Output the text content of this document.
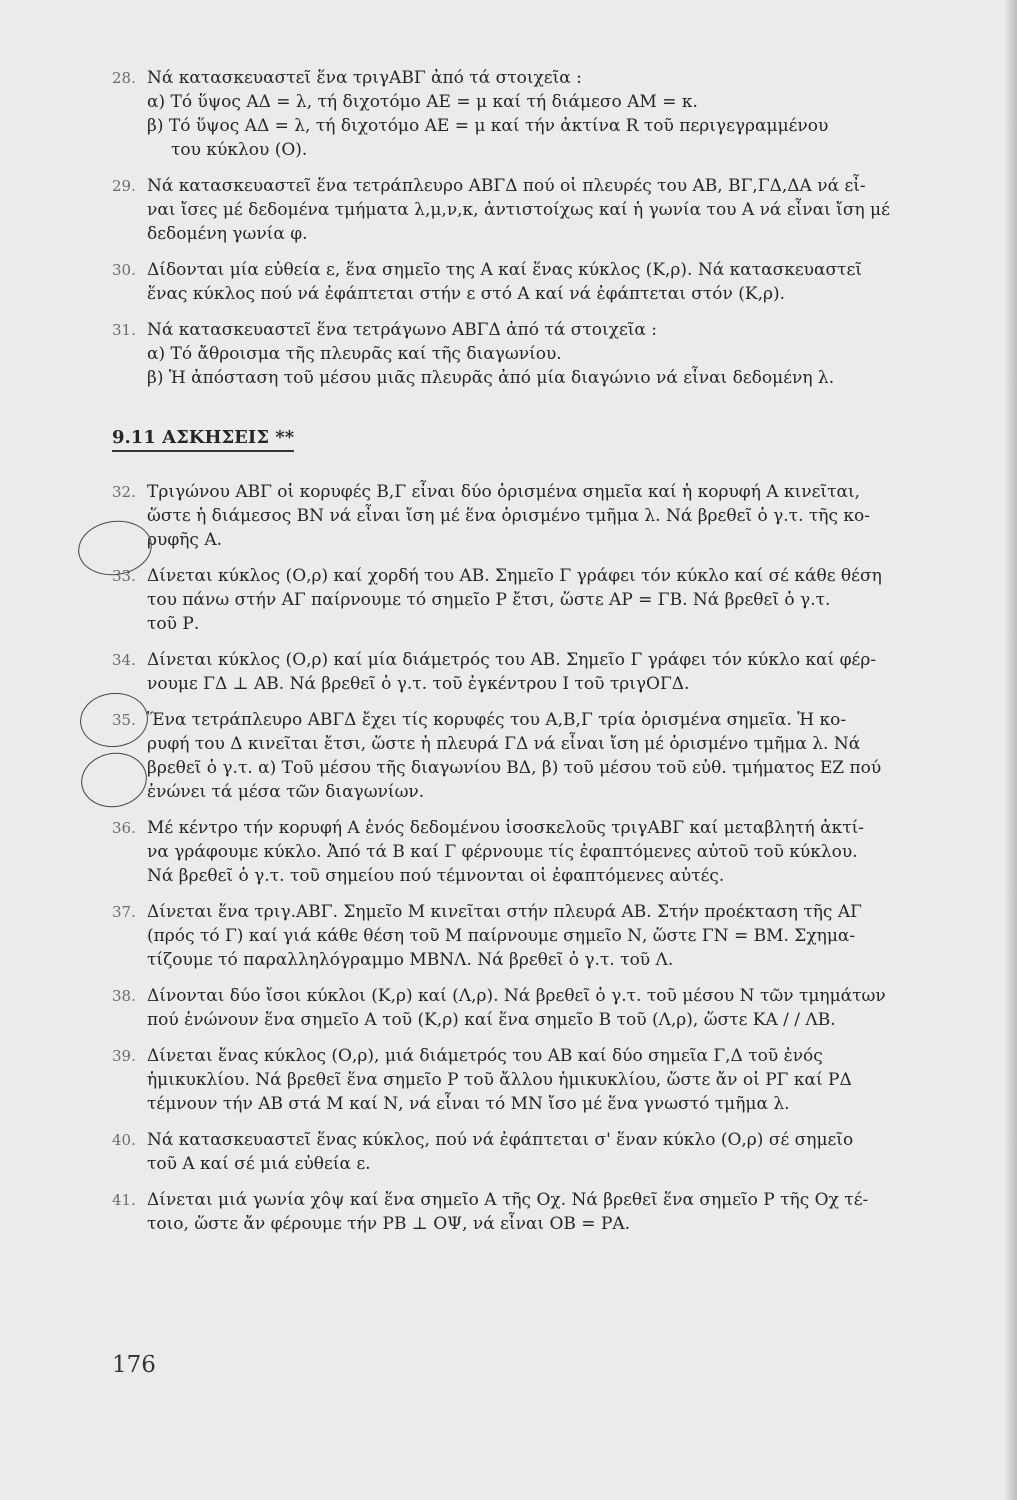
28. Νά κατασκευαστεῖ ἕνα τριγΑΒΓ ἀπό τά στοιχεῖα :
α) Τό ὕψος ΑΔ = λ, τή διχοτόμο ΑΕ = μ καί τή διάμεσο ΑΜ = κ.
β) Τό ὕψος ΑΔ = λ, τή διχοτόμο ΑΕ = μ καί τήν ἀκτίνα R τοῦ περιγεγραμμένου
του κύκλου (Ο).
29. Νά κατασκευαστεῖ ἕνα τετράπλευρο ΑΒΓΔ πού οἱ πλευρές του ΑΒ, ΒΓ,ΓΔ,ΔΑ νά εἶ-
ναι ἴσες μέ δεδομένα τμήματα λ,μ,ν,κ, ἀντιστοίχως καί ἡ γωνία του Α νά εἶναι ἴση μέ
δεδομένη γωνία φ.
30. Δίδονται μία εὐθεία ε, ἕνα σημεῖο της Α καί ἕνας κύκλος (Κ,ρ). Νά κατασκευαστεῖ
ἕνας κύκλος πού νά ἐφάπτεται στήν ε στό Α καί νά ἐφάπτεται στόν (Κ,ρ).
31. Νά κατασκευαστεῖ ἕνα τετράγωνο ΑΒΓΔ ἀπό τά στοιχεῖα :
α) Τό ἄθροισμα τῆς πλευρᾶς καί τῆς διαγωνίου.
β) Ἡ ἀπόσταση τοῦ μέσου μιᾶς πλευρᾶς ἀπό μία διαγώνιο νά εἶναι δεδομένη λ.
9.11 ΑΣΚΗΣΕΙΣ **
32. Τριγώνου ΑΒΓ οἱ κορυφές Β,Γ εἶναι δύο ὁρισμένα σημεῖα καί ἡ κορυφή Α κινεῖται,
ὥστε ἡ διάμεσος ΒΝ νά εἶναι ἴση μέ ἕνα ὁρισμένο τμῆμα λ. Νά βρεθεῖ ὁ γ.τ. τῆς κο-
ρυφῆς Α.
33. Δίνεται κύκλος (Ο,ρ) καί χορδή του ΑΒ. Σημεῖο Γ γράφει τόν κύκλο καί σέ κάθε θέση
του πάνω στήν ΑΓ παίρνουμε τό σημεῖο Ρ ἔτσι, ὥστε ΑΡ = ΓΒ. Νά βρεθεῖ ὁ γ.τ.
τοῦ Ρ.
34. Δίνεται κύκλος (Ο,ρ) καί μία διάμετρός του ΑΒ. Σημεῖο Γ γράφει τόν κύκλο καί φέρ-
νουμε ΓΔ ⊥ ΑΒ. Νά βρεθεῖ ὁ γ.τ. τοῦ ἐγκέντρου Ι τοῦ τριγΟΓΔ.
35. Ἕνα τετράπλευρο ΑΒΓΔ ἔχει τίς κορυφές του Α,Β,Γ τρία ὁρισμένα σημεῖα. Ἡ κο-
ρυφή του Δ κινεῖται ἔτσι, ὥστε ἡ πλευρά ΓΔ νά εἶναι ἴση μέ ὁρισμένο τμῆμα λ. Νά
βρεθεῖ ὁ γ.τ. α) Τοῦ μέσου τῆς διαγωνίου ΒΔ, β) τοῦ μέσου τοῦ εὐθ. τμήματος ΕΖ πού
ἑνώνει τά μέσα τῶν διαγωνίων.
36. Μέ κέντρο τήν κορυφή Α ἑνός δεδομένου ἰσοσκελοῦς τριγΑΒΓ καί μεταβλητή ἀκτί-
να γράφουμε κύκλο. Ἀπό τά Β καί Γ φέρνουμε τίς ἐφαπτόμενες αὐτοῦ τοῦ κύκλου.
Νά βρεθεῖ ὁ γ.τ. τοῦ σημείου πού τέμνονται οἱ ἐφαπτόμενες αὐτές.
37. Δίνεται ἕνα τριγ.ΑΒΓ. Σημεῖο Μ κινεῖται στήν πλευρά ΑΒ. Στήν προέκταση τῆς ΑΓ
(πρός τό Γ) καί γιά κάθε θέση τοῦ Μ παίρνουμε σημεῖο Ν, ὥστε ΓΝ = ΒΜ. Σχημα-
τίζουμε τό παραλληλόγραμμο ΜΒΝΛ. Νά βρεθεῖ ὁ γ.τ. τοῦ Λ.
38. Δίνονται δύο ἴσοι κύκλοι (Κ,ρ) καί (Λ,ρ). Νά βρεθεῖ ὁ γ.τ. τοῦ μέσου Ν τῶν τμημάτων
πού ἑνώνουν ἕνα σημεῖο Α τοῦ (Κ,ρ) καί ἕνα σημεῖο Β τοῦ (Λ,ρ), ὥστε ΚΑ / / ΛΒ.
39. Δίνεται ἕνας κύκλος (Ο,ρ), μιά διάμετρός του ΑΒ καί δύο σημεῖα Γ,Δ τοῦ ἑνός
ἡμικυκλίου. Νά βρεθεῖ ἕνα σημεῖο Ρ τοῦ ἄλλου ἡμικυκλίου, ὥστε ἄν οἱ ΡΓ καί ΡΔ
τέμνουν τήν ΑΒ στά Μ καί Ν, νά εἶναι τό ΜΝ ἴσο μέ ἕνα γνωστό τμῆμα λ.
40. Νά κατασκευαστεῖ ἕνας κύκλος, πού νά ἐφάπτεται σ' ἕναν κύκλο (Ο,ρ) σέ σημεῖο
τοῦ Α καί σέ μιά εὐθεία ε.
41. Δίνεται μιά γωνία χôψ καί ἕνα σημεῖο Α τῆς Οχ. Νά βρεθεῖ ἕνα σημεῖο Ρ τῆς Οχ τέ-
τοιο, ὥστε ἄν φέρουμε τήν ΡΒ ⊥ ΟΨ, νά εἶναι ΟΒ = ΡΑ.
176
